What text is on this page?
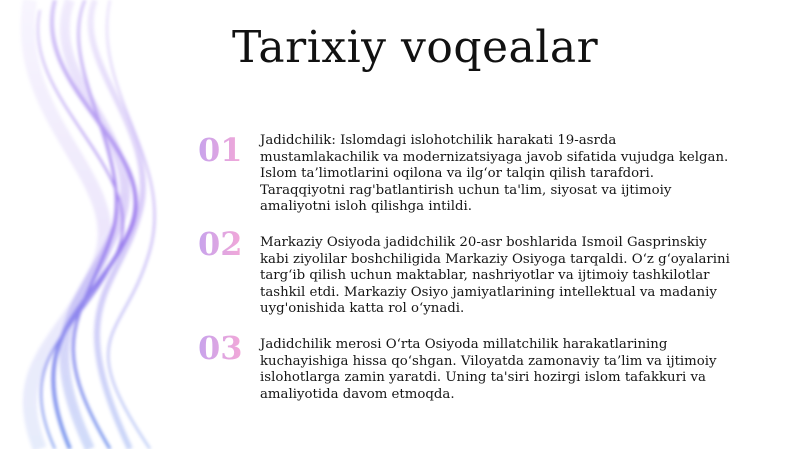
Tarixiy voqealar
01 Jadidchilik: Islomdagi islohotchilik harakati 19-asrda mustamlakachilik va modernizatsiyaga javob sifatida vujudga kelgan. Islom ta’limotlarini oqilona va ilg‘or talqin qilish tarafdori. Taraqqiyotni rag'batlantirish uchun ta'lim, siyosat va ijtimoiy amaliyotni isloh qilishga intildi.
02 Markaziy Osiyoda jadidchilik 20-asr boshlarida Ismoil Gasprinskiy kabi ziyolilar boshchiligida Markaziy Osiyoga tarqaldi. O‘z g‘oyalarini targ‘ib qilish uchun maktablar, nashriyotlar va ijtimoiy tashkilotlar tashkil etdi. Markaziy Osiyo jamiyatlarining intellektual va madaniy uyg'onishida katta rol o‘ynadi.
03 Jadidchilik merosi O‘rta Osiyoda millatchilik harakatlarining kuchayishiga hissa qo‘shgan. Viloyatda zamonaviy ta’lim va ijtimoiy islohotlarga zamin yaratdi. Uning ta'siri hozirgi islom tafakkuri va amaliyotida davom etmoqda.
